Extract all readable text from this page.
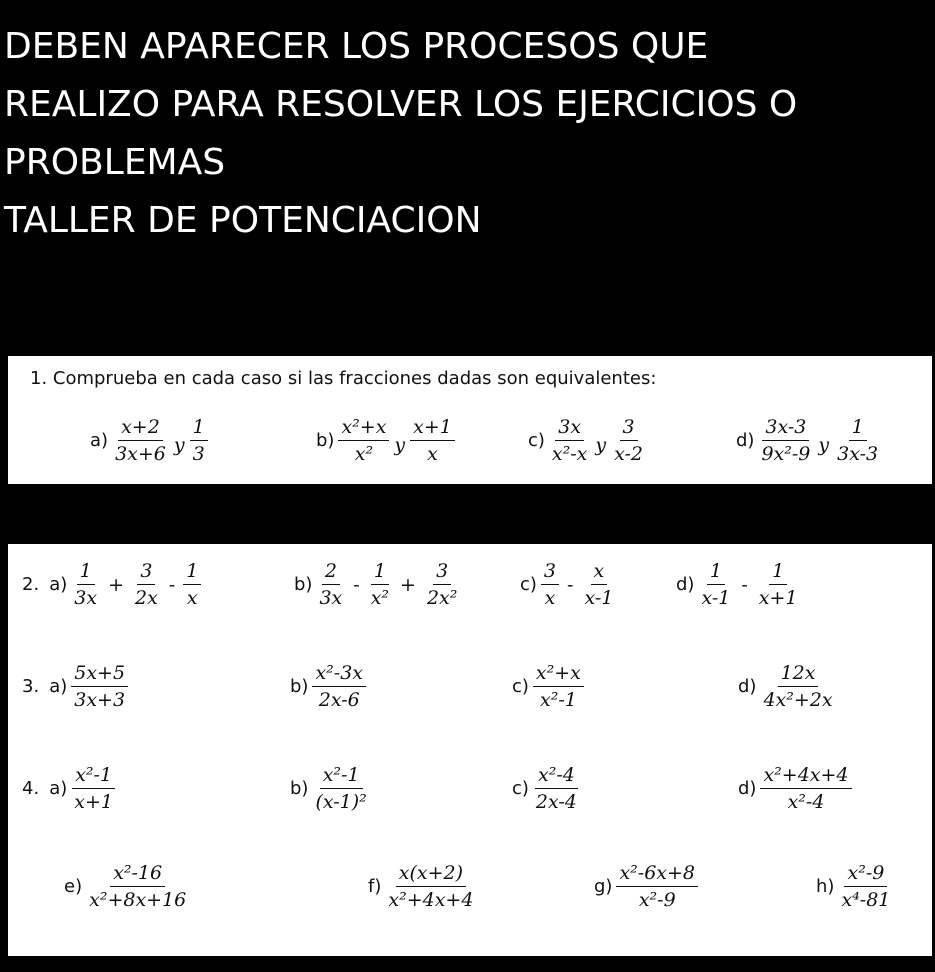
DEBEN APARECER LOS PROCESOS QUE
REALIZO PARA RESOLVER LOS EJERCICIOS O
PROBLEMAS
TALLER DE POTENCIACION
1. Comprueba en cada caso si las fracciones dadas son equivalentes:
$a) \frac{x+2}{3x+6}$ y $\frac{1}{3}$	$b) \frac{\text{x²+x}}{\text{x²}}$ y $\frac{x+1}{x}$	$c) \frac{3x}{\text{x²-x}}$ y $\frac{3}{x-2}$	$d) \frac{3x-3}{\text{9x²-9}}$ y $\frac{1}{3x-3}$
2. $a) \frac{1}{3x} + \frac{3}{2x} - \frac{1}{x}$	$b) \frac{2}{3x} - \frac{1}{\text{x²}} + \frac{3}{\text{2x²}}$	$c) \frac{3}{x} - \frac{x}{x-1}$	$d) \frac{1}{x-1} - \frac{1}{x+1}$
3. $a) \frac{5x+5}{3x+3}$	$b) \frac{\text{x²-3x}}{2x-6}$	$c) \frac{\text{x²+x}}{\text{x²-1}}$	$d) \frac{12x}{\text{4x²+2x}}$
4. $a) \frac{\text{x²-1}}{x+1}$	$b) \frac{\text{x²-1}}{\text{(x-1)²}}$	$c) \frac{\text{x²-4}}{2x-4}$	$d) \frac{\text{x²+4x+4}}{\text{x²-4}}$
$e) \frac{\text{x²-16}}{\text{x²+8x+16}}$	$f) \frac{x(x+2)}{\text{x²+4x+4}}$	$g) \frac{\text{x²-6x+8}}{\text{x²-9}}$	$h) \frac{\text{x²-9}}{\text{x⁴-81}}$
